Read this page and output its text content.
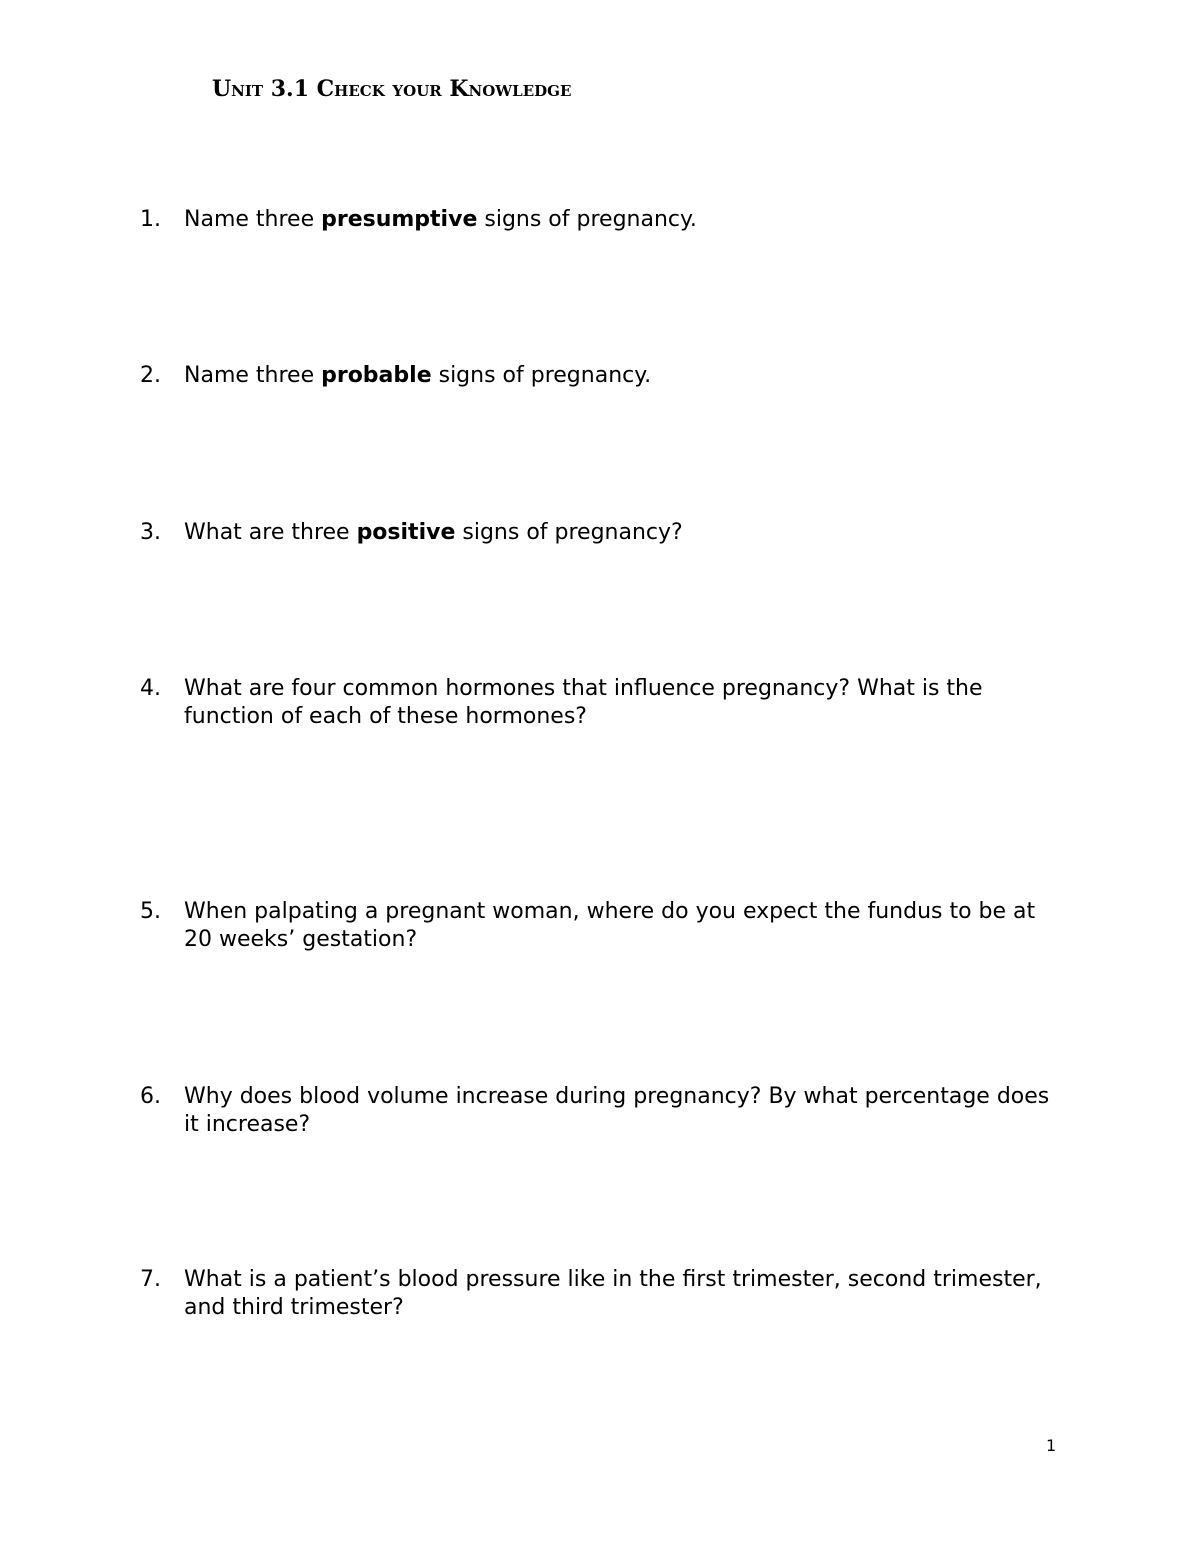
Unit 3.1 Check your Knowledge
1.	Name three presumptive signs of pregnancy.
2.	Name three probable signs of pregnancy.
3.	What are three positive signs of pregnancy?
4.	What are four common hormones that influence pregnancy? What is the function of each of these hormones?
5.	When palpating a pregnant woman, where do you expect the fundus to be at 20 weeks’ gestation?
6.	Why does blood volume increase during pregnancy? By what percentage does it increase?
7.	What is a patient’s blood pressure like in the first trimester, second trimester, and third trimester?
1
